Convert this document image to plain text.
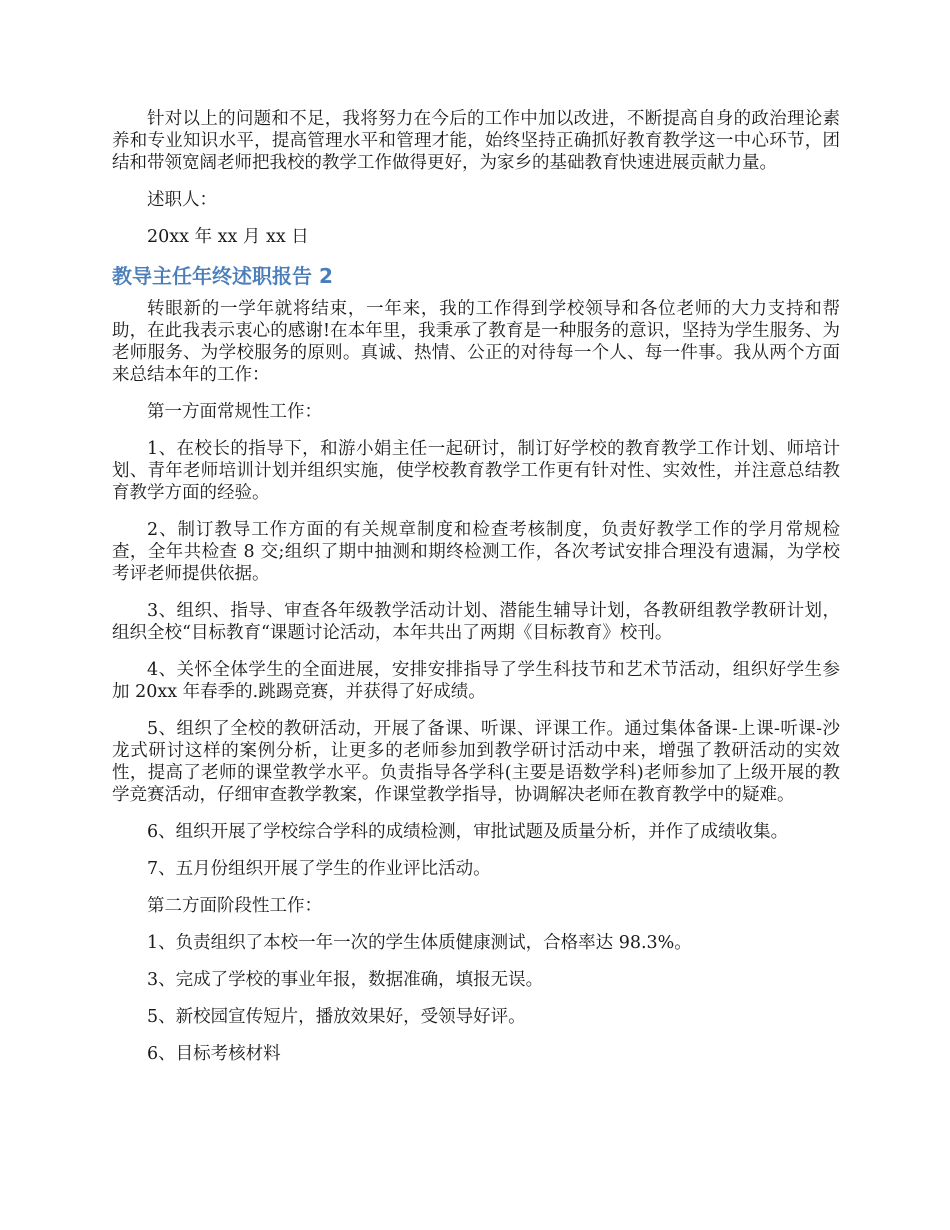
针对以上的问题和不足，我将努力在今后的工作中加以改进，不断提高自身的政治理论素养和专业知识水平，提高管理水平和管理才能，始终坚持正确抓好教育教学这一中心环节，团结和带领宽阔老师把我校的教学工作做得更好，为家乡的基础教育快速进展贡献力量。

述职人：

20xx 年 xx 月 xx 日

教导主任年终述职报告 2

转眼新的一学年就将结束，一年来，我的工作得到学校领导和各位老师的大力支持和帮助，在此我表示衷心的感谢!在本年里，我秉承了教育是一种服务的意识，坚持为学生服务、为老师服务、为学校服务的原则。真诚、热情、公正的对待每一个人、每一件事。我从两个方面来总结本年的工作：

第一方面常规性工作：

1、在校长的指导下，和游小娟主任一起研讨，制订好学校的教育教学工作计划、师培计划、青年老师培训计划并组织实施，使学校教育教学工作更有针对性、实效性，并注意总结教育教学方面的经验。

2、制订教导工作方面的有关规章制度和检查考核制度，负责好教学工作的学月常规检查，全年共检查 8 交;组织了期中抽测和期终检测工作，各次考试安排合理没有遗漏，为学校考评老师提供依据。

3、组织、指导、审查各年级教学活动计划、潜能生辅导计划，各教研组教学教研计划，组织全校“目标教育“课题讨论活动，本年共出了两期《目标教育》校刊。

4、关怀全体学生的全面进展，安排安排指导了学生科技节和艺术节活动，组织好学生参加 20xx 年春季的.跳踢竞赛，并获得了好成绩。

5、组织了全校的教研活动，开展了备课、听课、评课工作。通过集体备课-上课-听课-沙龙式研讨这样的案例分析，让更多的老师参加到教学研讨活动中来，增强了教研活动的实效性，提高了老师的课堂教学水平。负责指导各学科(主要是语数学科)老师参加了上级开展的教学竞赛活动，仔细审查教学教案，作课堂教学指导，协调解决老师在教育教学中的疑难。

6、组织开展了学校综合学科的成绩检测，审批试题及质量分析，并作了成绩收集。

7、五月份组织开展了学生的作业评比活动。

第二方面阶段性工作：

1、负责组织了本校一年一次的学生体质健康测试，合格率达 98.3%。

3、完成了学校的事业年报，数据准确，填报无误。

5、新校园宣传短片，播放效果好，受领导好评。

6、目标考核材料
